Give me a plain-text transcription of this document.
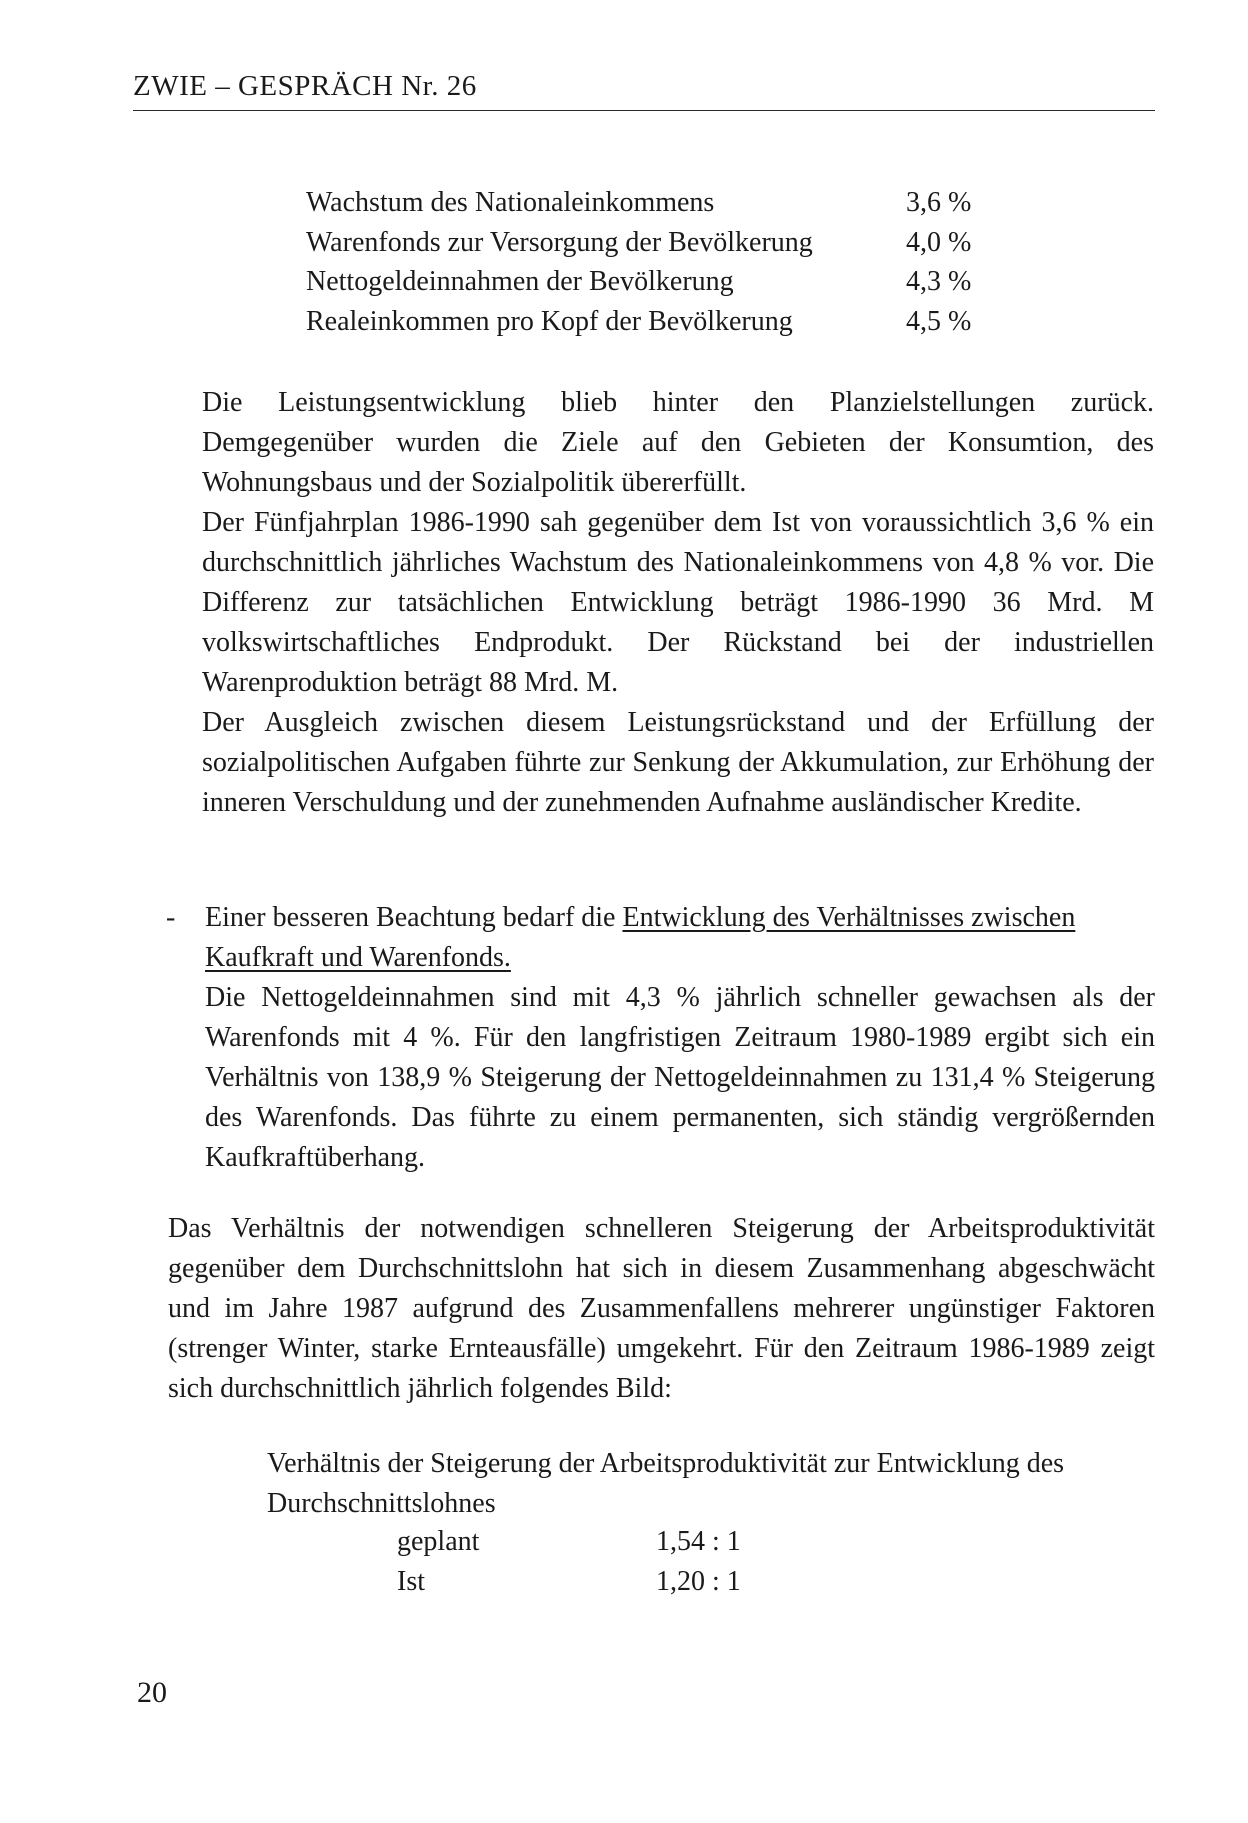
ZWIE – GESPRÄCH Nr. 26
Wachstum des Nationaleinkommens	3,6 %
Warenfonds zur Versorgung der Bevölkerung	4,0 %
Nettogeldeinnahmen der Bevölkerung	4,3 %
Realeinkommen pro Kopf der Bevölkerung	4,5 %

Die Leistungsentwicklung blieb hinter den Planzielstellungen zurück. Demgegenüber wurden die Ziele auf den Gebieten der Konsumtion, des Wohnungsbaus und der Sozialpolitik übererfüllt.

Der Fünfjahrplan 1986-1990 sah gegenüber dem Ist von voraussichtlich 3,6 % ein durchschnittlich jährliches Wachstum des Nationaleinkommens von 4,8 % vor. Die Differenz zur tatsächlichen Entwicklung beträgt 1986-1990 36 Mrd. M volkswirtschaftliches Endprodukt. Der Rückstand bei der industriellen Warenproduktion beträgt 88 Mrd. M.

Der Ausgleich zwischen diesem Leistungsrückstand und der Erfüllung der sozialpolitischen Aufgaben führte zur Senkung der Akkumulation, zur Erhöhung der inneren Verschuldung und der zunehmenden Aufnahme ausländischer Kredite.

- Einer besseren Beachtung bedarf die Entwicklung des Verhältnisses zwischen Kaufkraft und Warenfonds.

Die Nettogeldeinnahmen sind mit 4,3 % jährlich schneller gewachsen als der Warenfonds mit 4 %. Für den langfristigen Zeitraum 1980-1989 ergibt sich ein Verhältnis von 138,9 % Steigerung der Nettogeldeinnahmen zu 131,4 % Steigerung des Warenfonds. Das führte zu einem permanenten, sich ständig vergrößernden Kaufkraftüberhang.

Das Verhältnis der notwendigen schnelleren Steigerung der Arbeitsproduktivität gegenüber dem Durchschnittslohn hat sich in diesem Zusammenhang abgeschwächt und im Jahre 1987 aufgrund des Zusammenfallens mehrerer ungünstiger Faktoren (strenger Winter, starke Ernteausfälle) umgekehrt. Für den Zeitraum 1986-1989 zeigt sich durchschnittlich jährlich folgendes Bild:

Verhältnis der Steigerung der Arbeitsproduktivität zur Entwicklung des Durchschnittslohnes

geplant	1,54 : 1
Ist	1,20 : 1
20
